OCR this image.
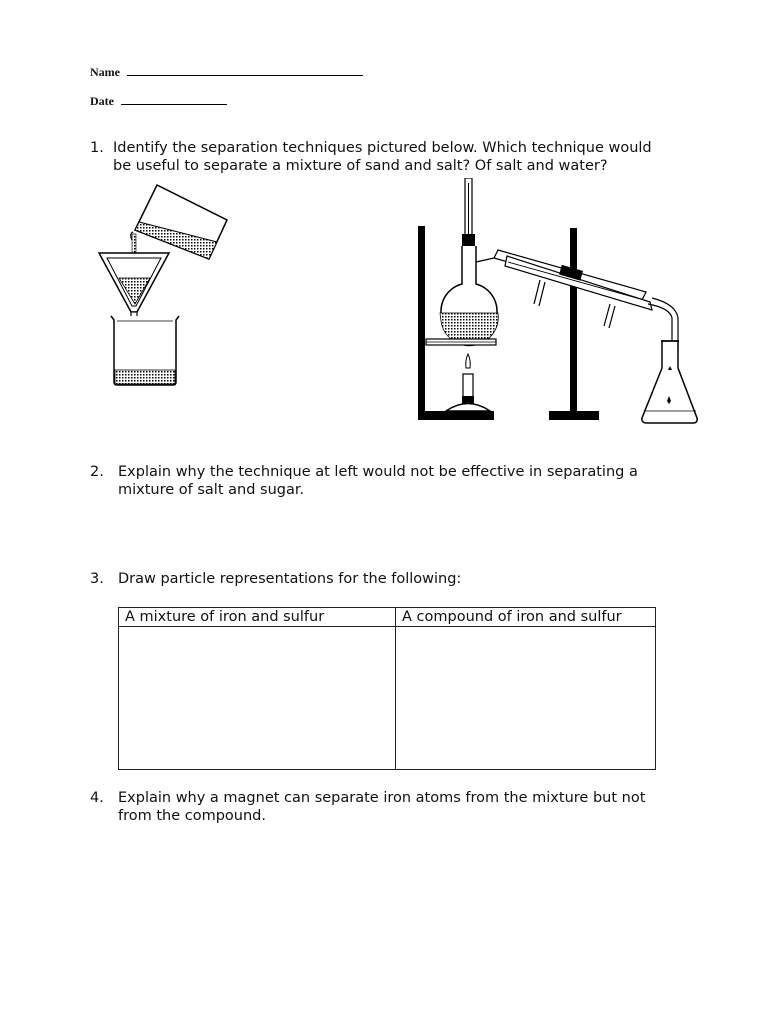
Name
Date
1. Identify the separation techniques pictured below. Which technique would
be useful to separate a mixture of sand and salt? Of salt and water?
2. Explain why the technique at left would not be effective in separating a
mixture of salt and sugar.
3. Draw particle representations for the following:
A mixture of iron and sulfur	A compound of iron and sulfur

4. Explain why a magnet can separate iron atoms from the mixture but not
from the compound.
